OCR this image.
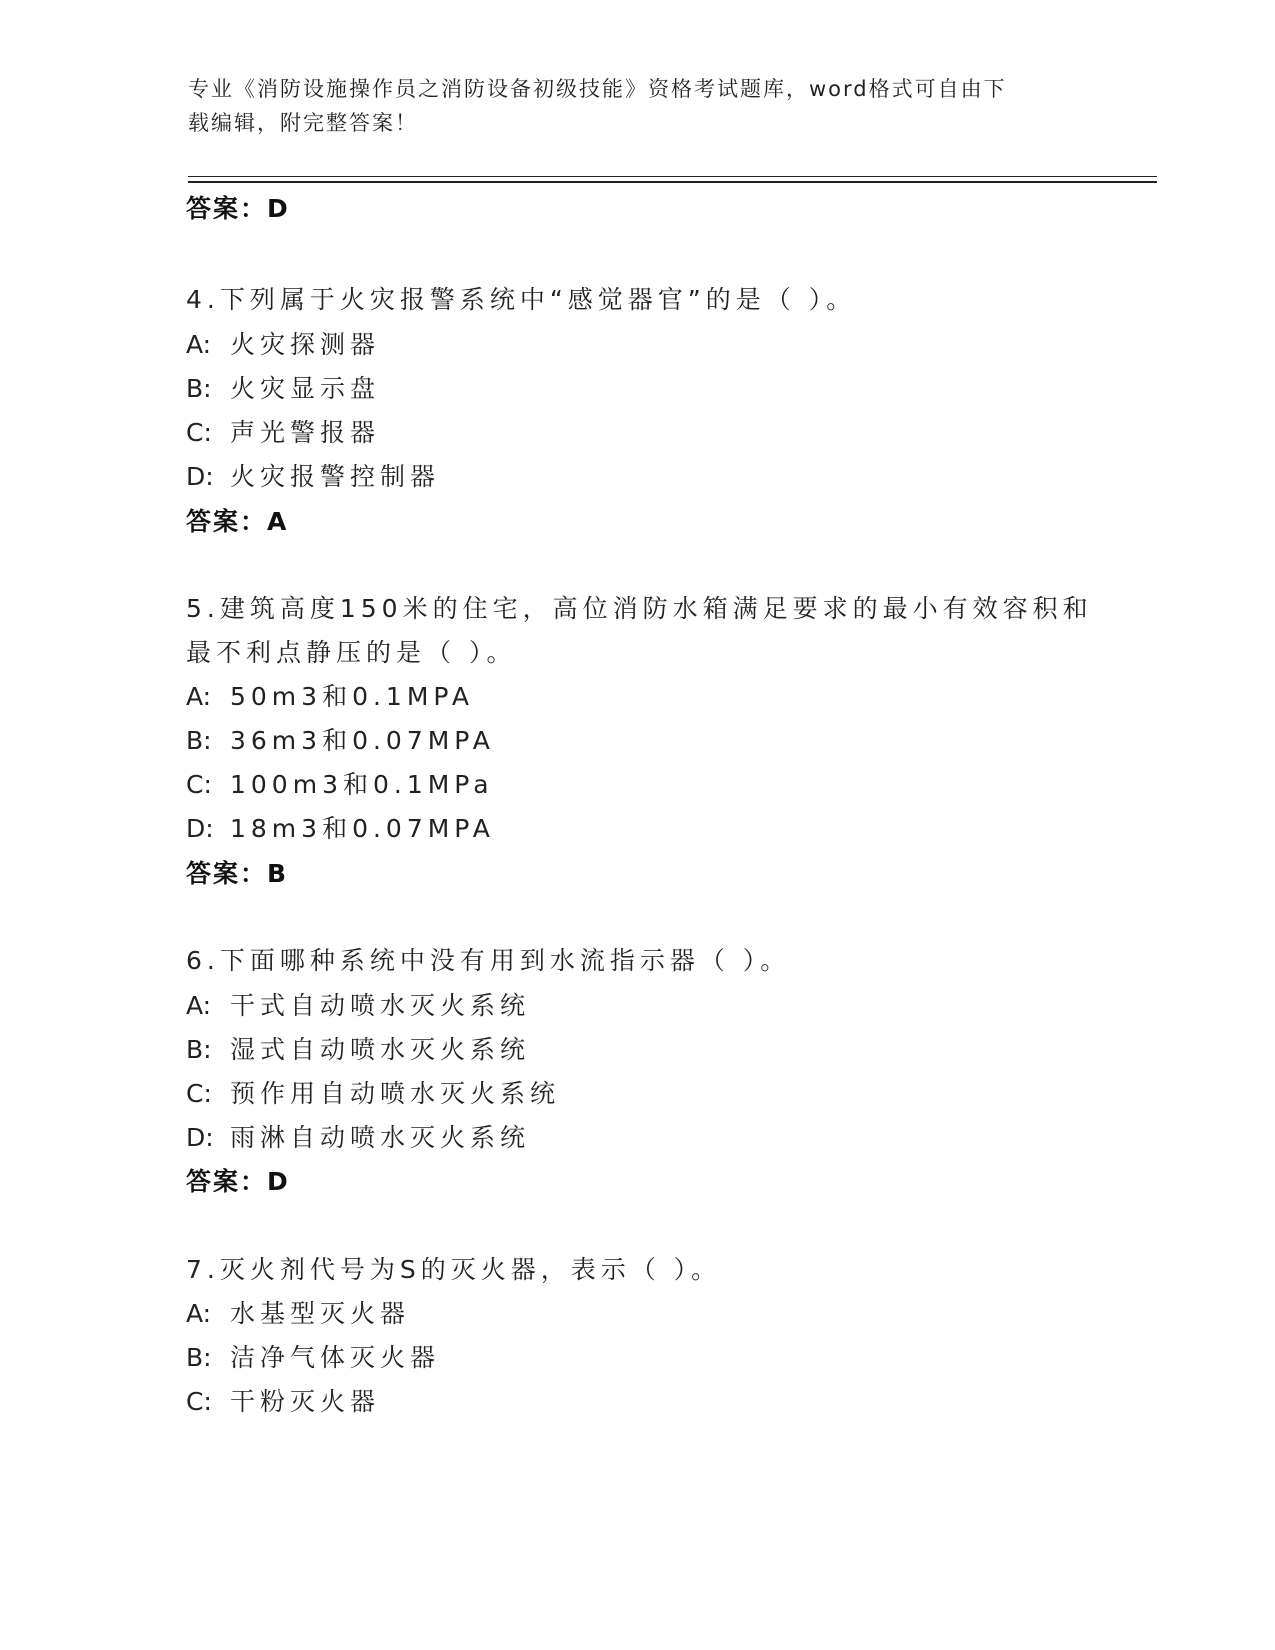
专业《消防设施操作员之消防设备初级技能》资格考试题库，word格式可自由下
载编辑，附完整答案！
答案：D
4.下列属于火灾报警系统中“感觉器官”的是（ ）。
A: 火灾探测器
B: 火灾显示盘
C: 声光警报器
D: 火灾报警控制器
答案：A
5.建筑高度150米的住宅，高位消防水箱满足要求的最小有效容积和
最不利点静压的是（ ）。
A: 50m3和0.1MPA
B: 36m3和0.07MPA
C: 100m3和0.1MPa
D: 18m3和0.07MPA
答案：B
6.下面哪种系统中没有用到水流指示器（ ）。
A: 干式自动喷水灭火系统
B: 湿式自动喷水灭火系统
C: 预作用自动喷水灭火系统
D: 雨淋自动喷水灭火系统
答案：D
7.灭火剂代号为S的灭火器，表示（ ）。
A: 水基型灭火器
B: 洁净气体灭火器
C: 干粉灭火器
